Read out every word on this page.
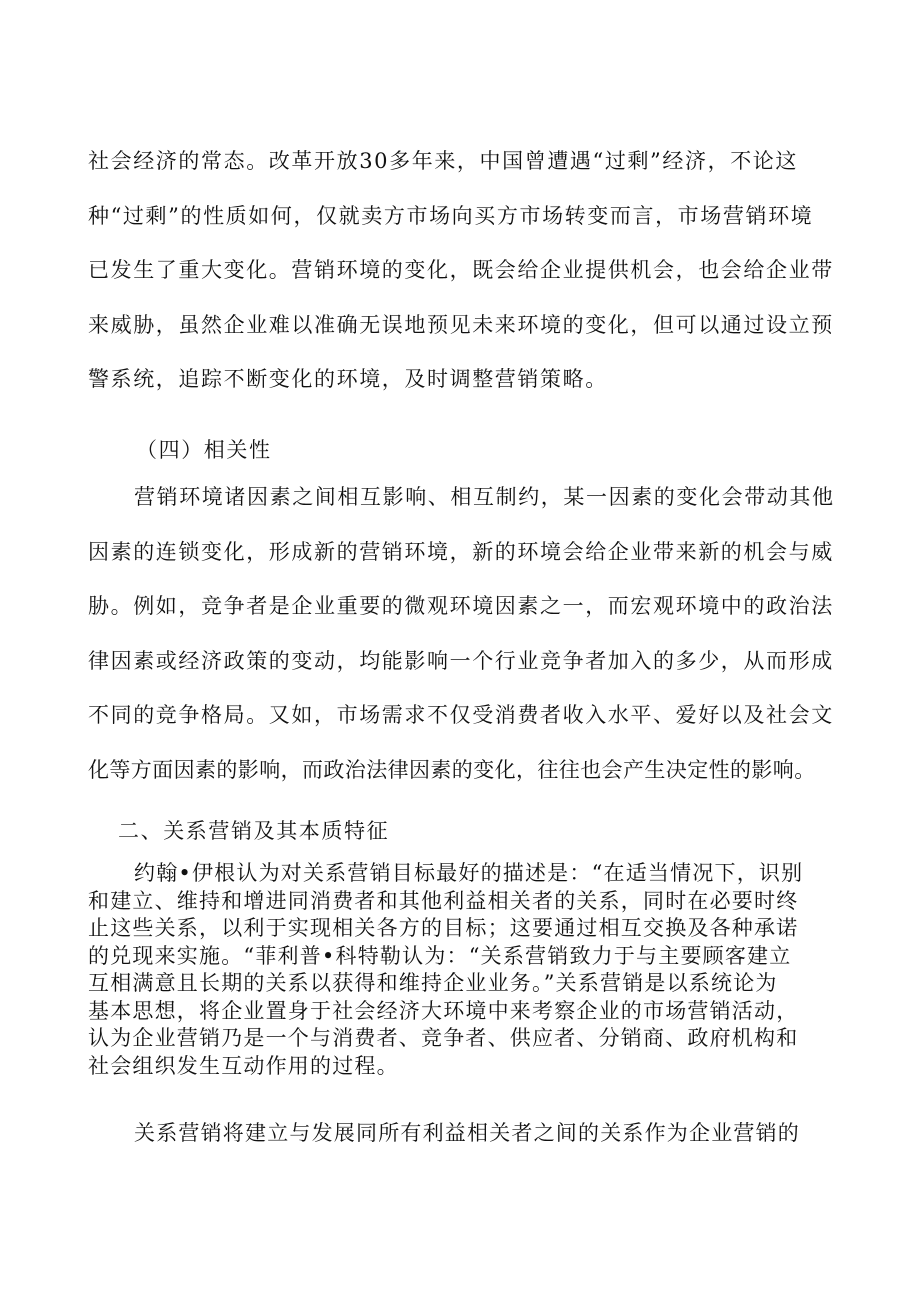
社会经济的常态。改革开放30多年来，中国曾遭遇“过剩”经济，不论这
种“过剩”的性质如何，仅就卖方市场向买方市场转变而言，市场营销环境
已发生了重大变化。营销环境的变化，既会给企业提供机会，也会给企业带
来威胁，虽然企业难以准确无误地预见未来环境的变化，但可以通过设立预
警系统，追踪不断变化的环境，及时调整营销策略。
（四）相关性
营销环境诸因素之间相互影响、相互制约，某一因素的变化会带动其他
因素的连锁变化，形成新的营销环境，新的环境会给企业带来新的机会与威
胁。例如，竞争者是企业重要的微观环境因素之一，而宏观环境中的政治法
律因素或经济政策的变动，均能影响一个行业竞争者加入的多少，从而形成
不同的竞争格局。又如，市场需求不仅受消费者收入水平、爱好以及社会文
化等方面因素的影响，而政治法律因素的变化，往往也会产生决定性的影响。
二、关系营销及其本质特征
约翰•伊根认为对关系营销目标最好的描述是：“在适当情况下，识别
和建立、维持和增进同消费者和其他利益相关者的关系，同时在必要时终
止这些关系，以利于实现相关各方的目标；这要通过相互交换及各种承诺
的兑现来实施。“菲利普•科特勒认为：“关系营销致力于与主要顾客建立
互相满意且长期的关系以获得和维持企业业务。”关系营销是以系统论为
基本思想，将企业置身于社会经济大环境中来考察企业的市场营销活动，
认为企业营销乃是一个与消费者、竞争者、供应者、分销商、政府机构和
社会组织发生互动作用的过程。
关系营销将建立与发展同所有利益相关者之间的关系作为企业营销的
